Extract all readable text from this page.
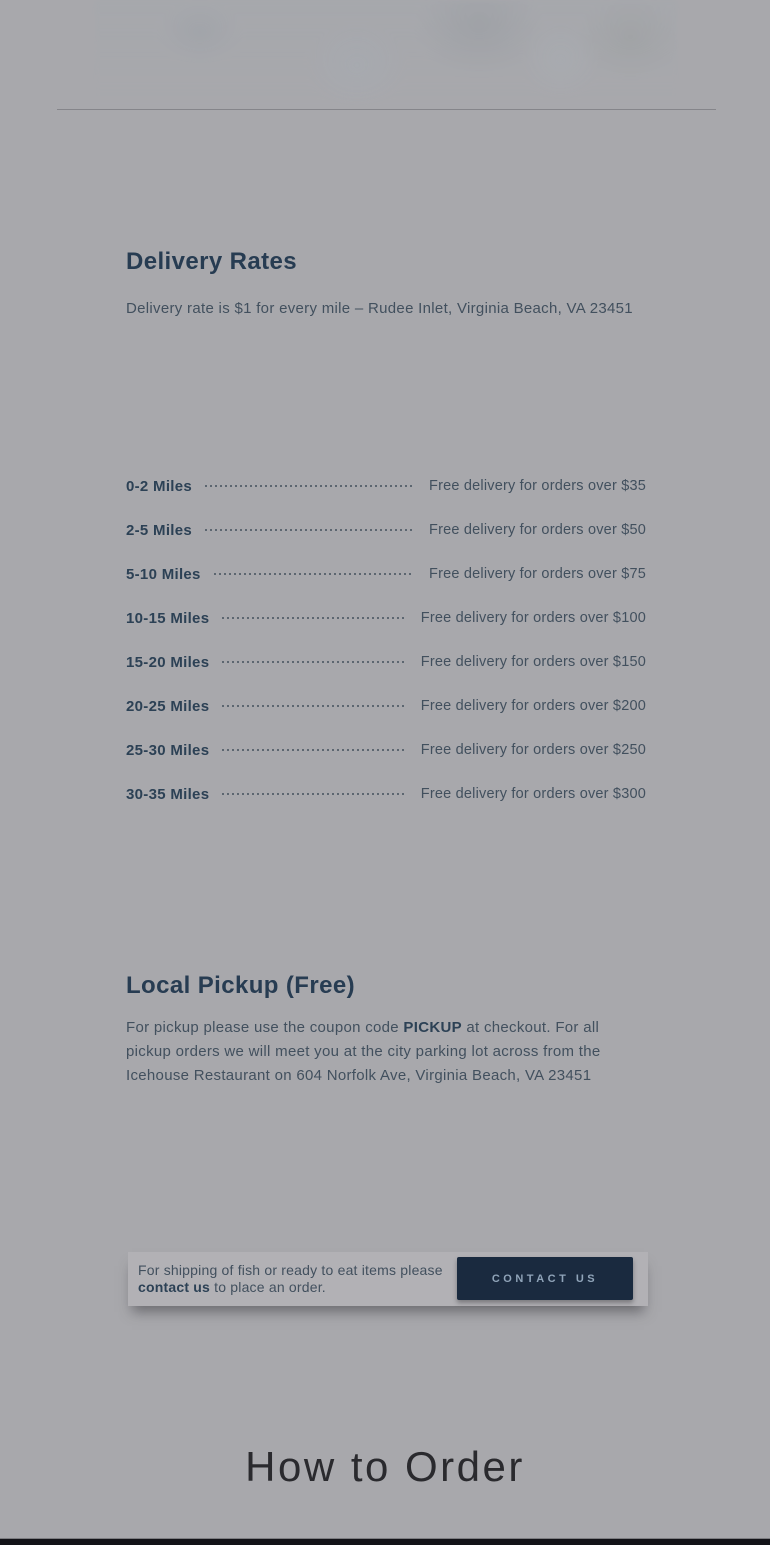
Delivery Rates

Delivery rate is $1 for every mile – Rudee Inlet, Virginia Beach, VA 23451

0-2 Miles	Free delivery for orders over $35
2-5 Miles	Free delivery for orders over $50
5-10 Miles	Free delivery for orders over $75
10-15 Miles	Free delivery for orders over $100
15-20 Miles	Free delivery for orders over $150
20-25 Miles	Free delivery for orders over $200
25-30 Miles	Free delivery for orders over $250
30-35 Miles	Free delivery for orders over $300
Local Pickup (Free)

For pickup please use the coupon code PICKUP at checkout. For all pickup orders we will meet you at the city parking lot across from the Icehouse Restaurant on 604 Norfolk Ave, Virginia Beach, VA 23451

For shipping of fish or ready to eat items please contact us to place an order.

CONTACT US
How to Order
